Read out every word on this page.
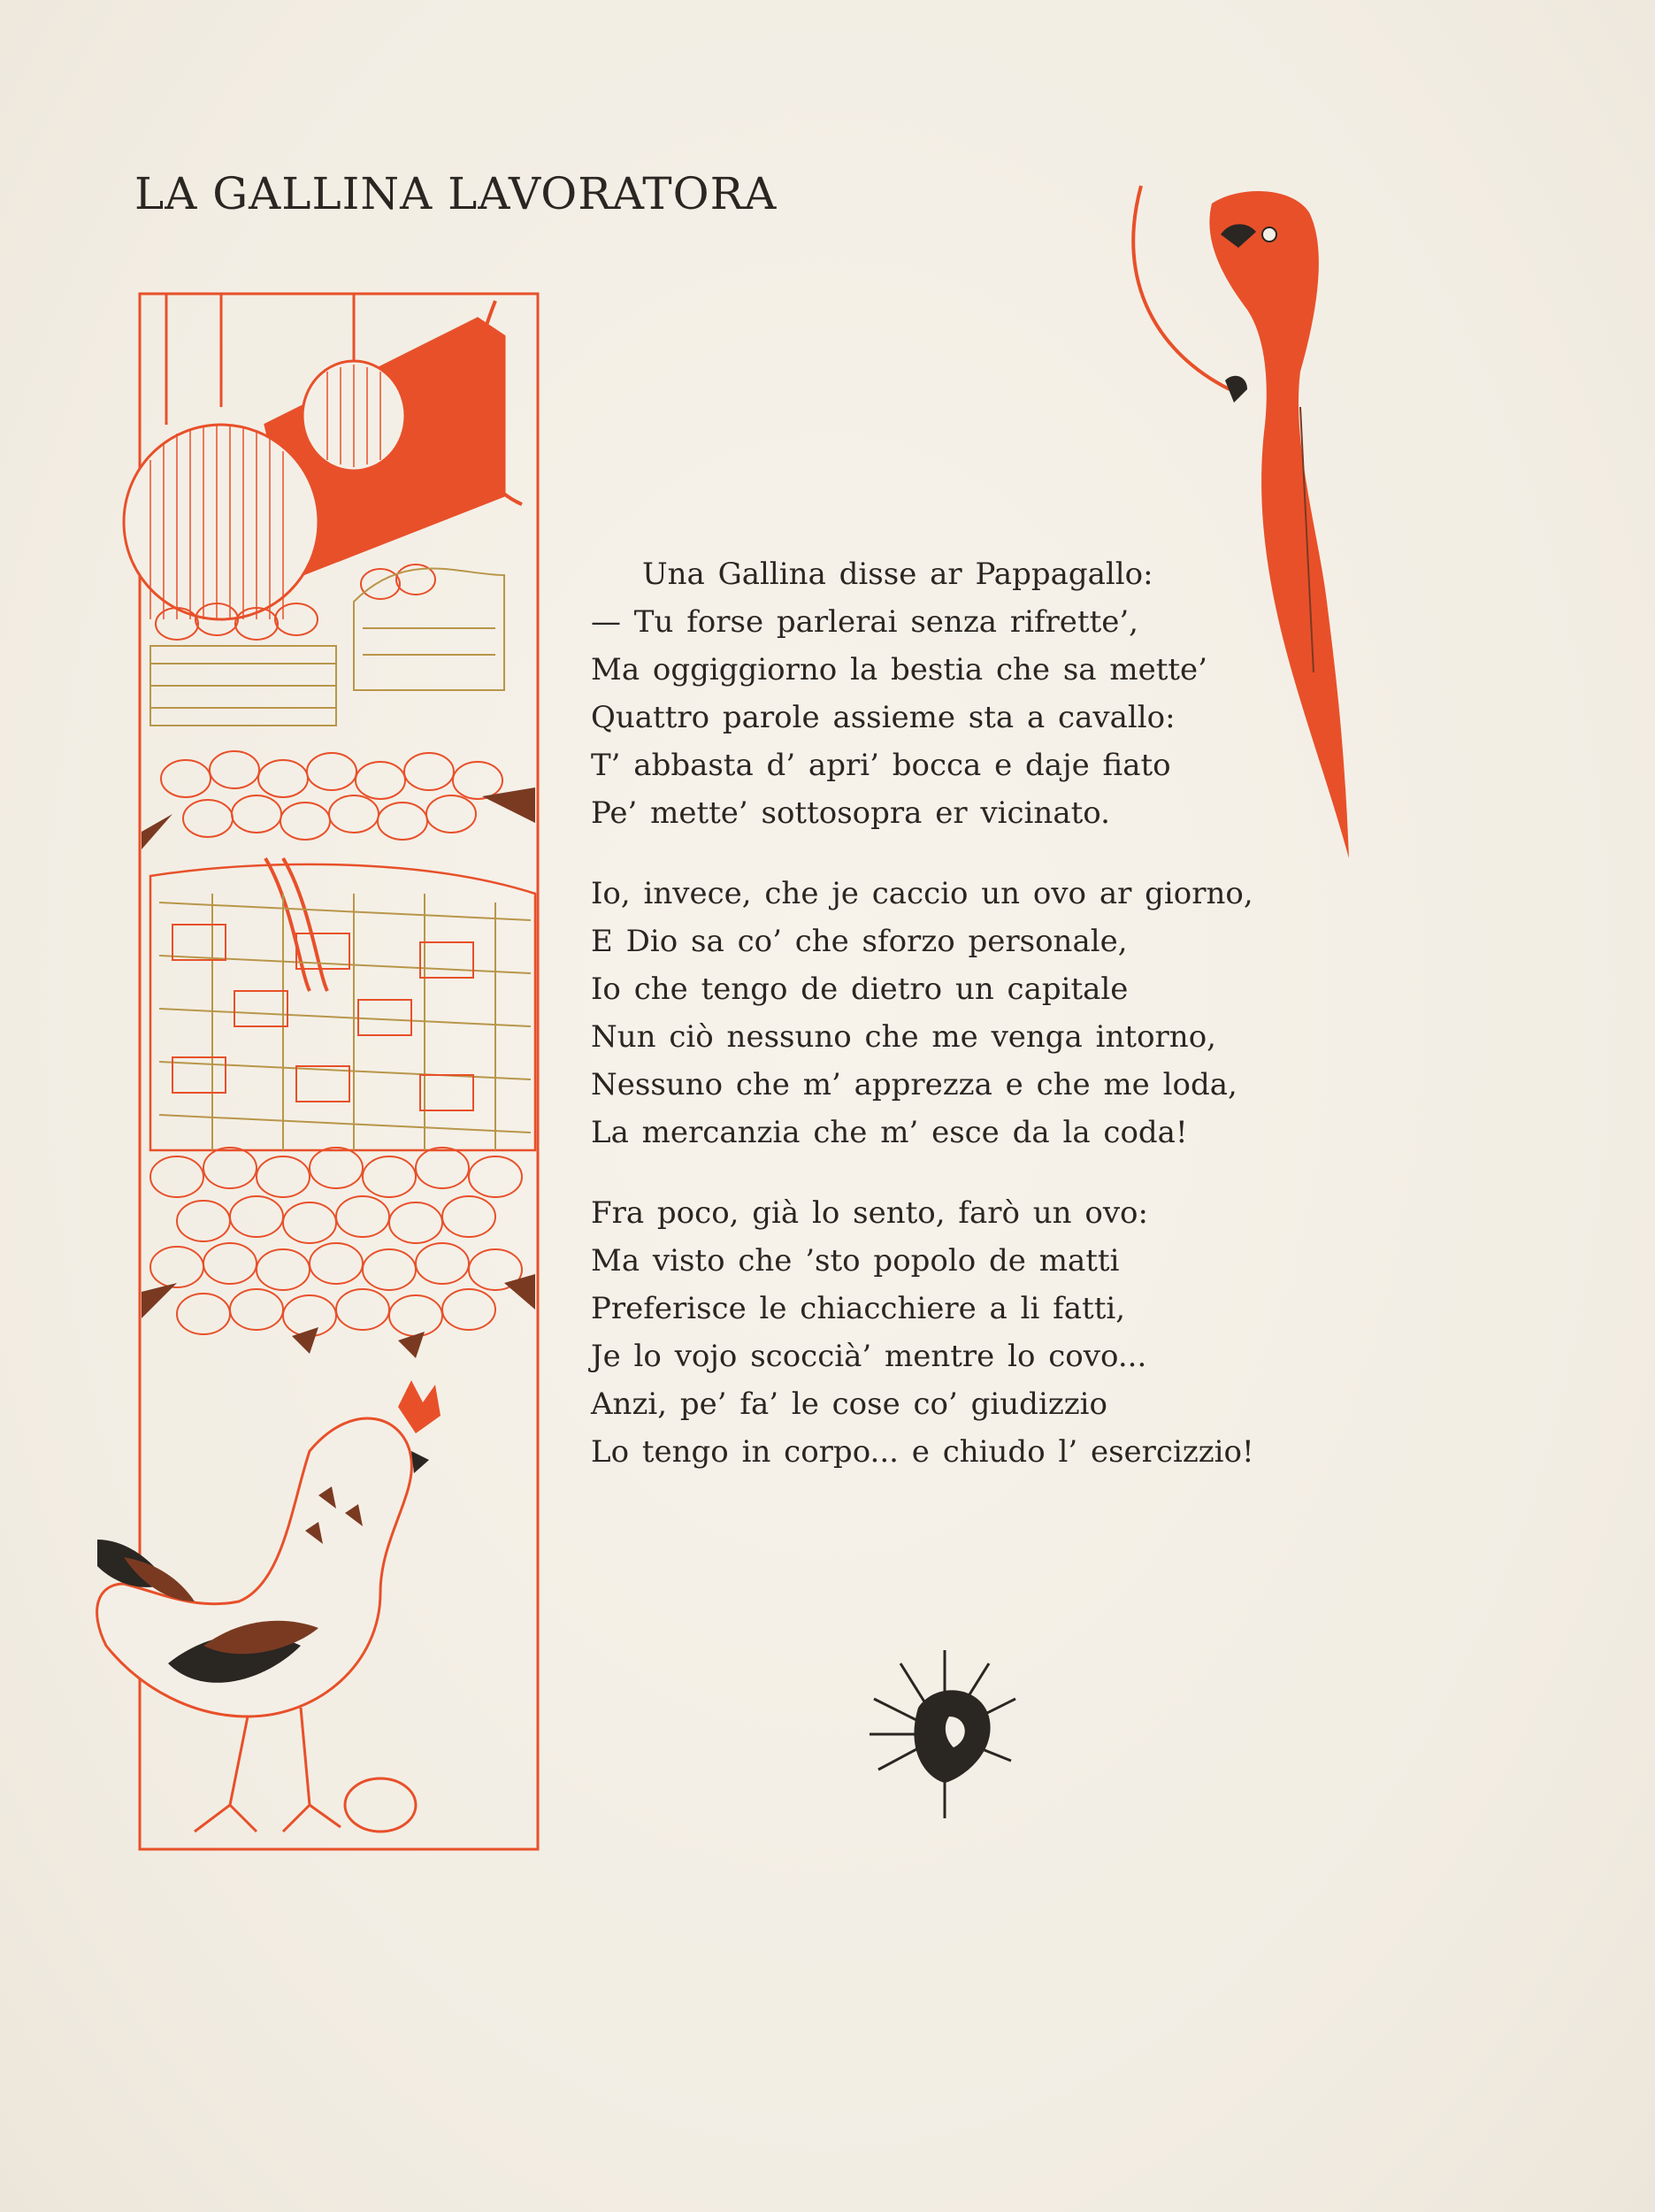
LA GALLINA LAVORATORA
Una Gallina disse ar Pappagallo:
— Tu forse parlerai senza rifrette’,
Ma oggiggiorno la bestia che sa mette’
Quattro parole assieme sta a cavallo:
T’ abbasta d’ apri’ bocca e daje fiato
Pe’ mette’ sottosopra er vicinato.
Io, invece, che je caccio un ovo ar giorno,
E Dio sa co’ che sforzo personale,
Io che tengo de dietro un capitale
Nun ciò nessuno che me venga intorno,
Nessuno che m’ apprezza e che me loda,
La mercanzia che m’ esce da la coda!
Fra poco, già lo sento, farò un ovo:
Ma visto che ’sto popolo de matti
Preferisce le chiacchiere a li fatti,
Je lo vojo scoccià’ mentre lo covo...
Anzi, pe’ fa’ le cose co’ giudizzio
Lo tengo in corpo... e chiudo l’ esercizzio!
